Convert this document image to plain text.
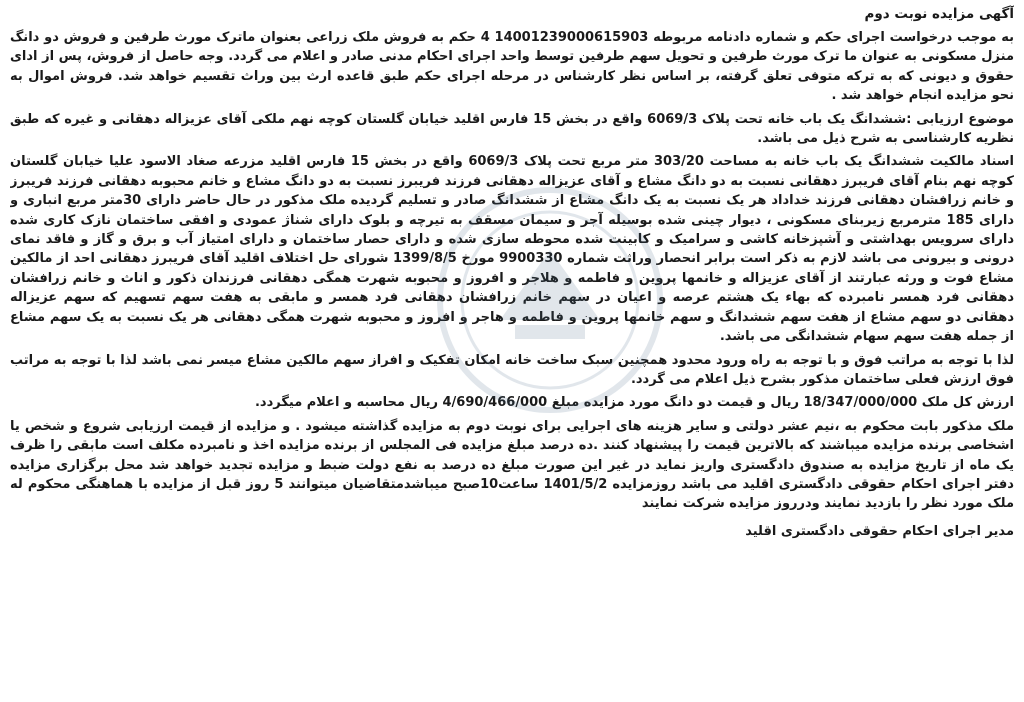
آگهی مزایده نوبت دوم

به موجب درخواست اجرای حکم و شماره دادنامه مربوطه 14001239000615903 4 حکم به فروش ملک زراعی بعنوان ماترک مورث طرفین و فروش دو دانگ منزل مسکونی به عنوان ما ترک مورث طرفین و تحویل سهم طرفین توسط واحد اجرای احکام مدنی صادر و اعلام می گردد. وجه حاصل از فروش، پس از ادای حقوق و دیونی که به ترکه متوفی تعلق گرفته، بر اساس نظر کارشناس در مرحله اجرای حکم طبق قاعده ارث بین وراث تقسیم خواهد شد. فروش اموال به نحو مزایده انجام خواهد شد .

موضوع ارزیابی :ششدانگ یک باب خانه تحت پلاک 6069/3 واقع در بخش 15 فارس اقلید خیابان گلستان کوچه نهم ملکی آقای عزیزاله دهقانی و غیره که طبق نظریه کارشناسی به شرح ذیل می باشد.

اسناد مالکیت ششدانگ یک باب خانه به مساحت 303/20 متر مربع تحت پلاک 6069/3 واقع در بخش 15 فارس اقلید مزرعه صغاد الاسود علیا خیابان گلستان کوچه نهم بنام آقای فریبرز دهقانی نسبت به دو دانگ مشاع و آقای عزیزاله دهقانی فرزند فریبرز نسبت به دو دانگ مشاع و خانم محبوبه دهقانی فرزند فریبرز و خانم زرافشان دهقانی فرزند خداداد هر یک نسبت به یک دانگ مشاع از ششدانگ صادر و تسلیم گردیده ملک مذکور در حال حاضر دارای 30متر مربع انباری و دارای 185 مترمربع زیربنای مسکونی ، دیوار چینی شده بوسیله آجر و سیمان مسقف به تیرچه و بلوک دارای شناژ عمودی و افقی ساختمان نازک کاری شده دارای سرویس بهداشتی و آشپزخانه کاشی و سرامیک و کابینت شده محوطه سازی شده و دارای حصار ساختمان و دارای امتیاز آب و برق و گاز و فاقد نمای درونی و بیرونی می باشد لازم به ذکر است برابر انحصار وراثت شماره 9900330 مورخ 1399/8/5 شورای حل اختلاف اقلید آقای فریبرز دهقانی احد از مالکین مشاع فوت و ورثه عبارتند از آقای عزیزاله و خانمها پروین و فاطمه و هلاجر و افروز و محبوبه شهرت همگی دهقانی فرزندان ذکور و اناث و خانم زرافشان دهقانی فرد همسر نامبرده که بهاء یک هشتم عرصه و اعیان در سهم خانم زرافشان دهقانی فرد همسر و مابقی به هفت سهم تسهیم که سهم عزیزاله دهقانی دو سهم مشاع از هفت سهم ششدانگ و سهم خانمها پروین و فاطمه و هاجر و افروز و محبوبه شهرت همگی دهقانی هر یک نسبت به یک سهم مشاع از جمله هفت سهم سهام ششدانگی می باشد.

لذا با توجه به مراتب فوق و با توجه به راه ورود محدود همچنین سبک ساخت خانه امکان تفکیک و افراز سهم مالکین مشاع میسر نمی باشد لذا با توجه به مراتب فوق ارزش فعلی ساختمان مذکور بشرح ذیل اعلام می گردد.

ارزش کل ملک 18/347/000/000 ریال و قیمت دو دانگ مورد مزایده مبلغ 4/690/466/000 ریال محاسبه و اعلام میگردد.

ملک مذکور بابت محکوم به ،نیم عشر دولتی و سایر هزینه های اجرایی برای نوبت دوم به مزایده گذاشته میشود . و مزایده از قیمت ارزیابی شروع و شخص یا اشخاصی برنده مزایده میباشند که بالاترین قیمت را پیشنهاد کنند .ده درصد مبلغ مزایده فی المجلس از برنده مزایده اخذ و نامبرده مکلف است مابقی را ظرف یک ماه از تاریخ مزایده به صندوق دادگستری واریز نماید در غیر این صورت مبلغ ده درصد به نفع دولت ضبط و مزایده تجدید خواهد شد محل برگزاری مزایده دفتر اجرای احکام حقوقی دادگستری اقلید می باشد روزمزایده 1401/5/2 ساعت10صبح میباشدمتقاضیان میتوانند 5 روز قبل از مزایده با هماهنگی محکوم له ملک مورد نظر را بازدید نمایند ودرروز مزایده شرکت نمایند

مدیر اجرای احکام حقوقی دادگستری اقلید
